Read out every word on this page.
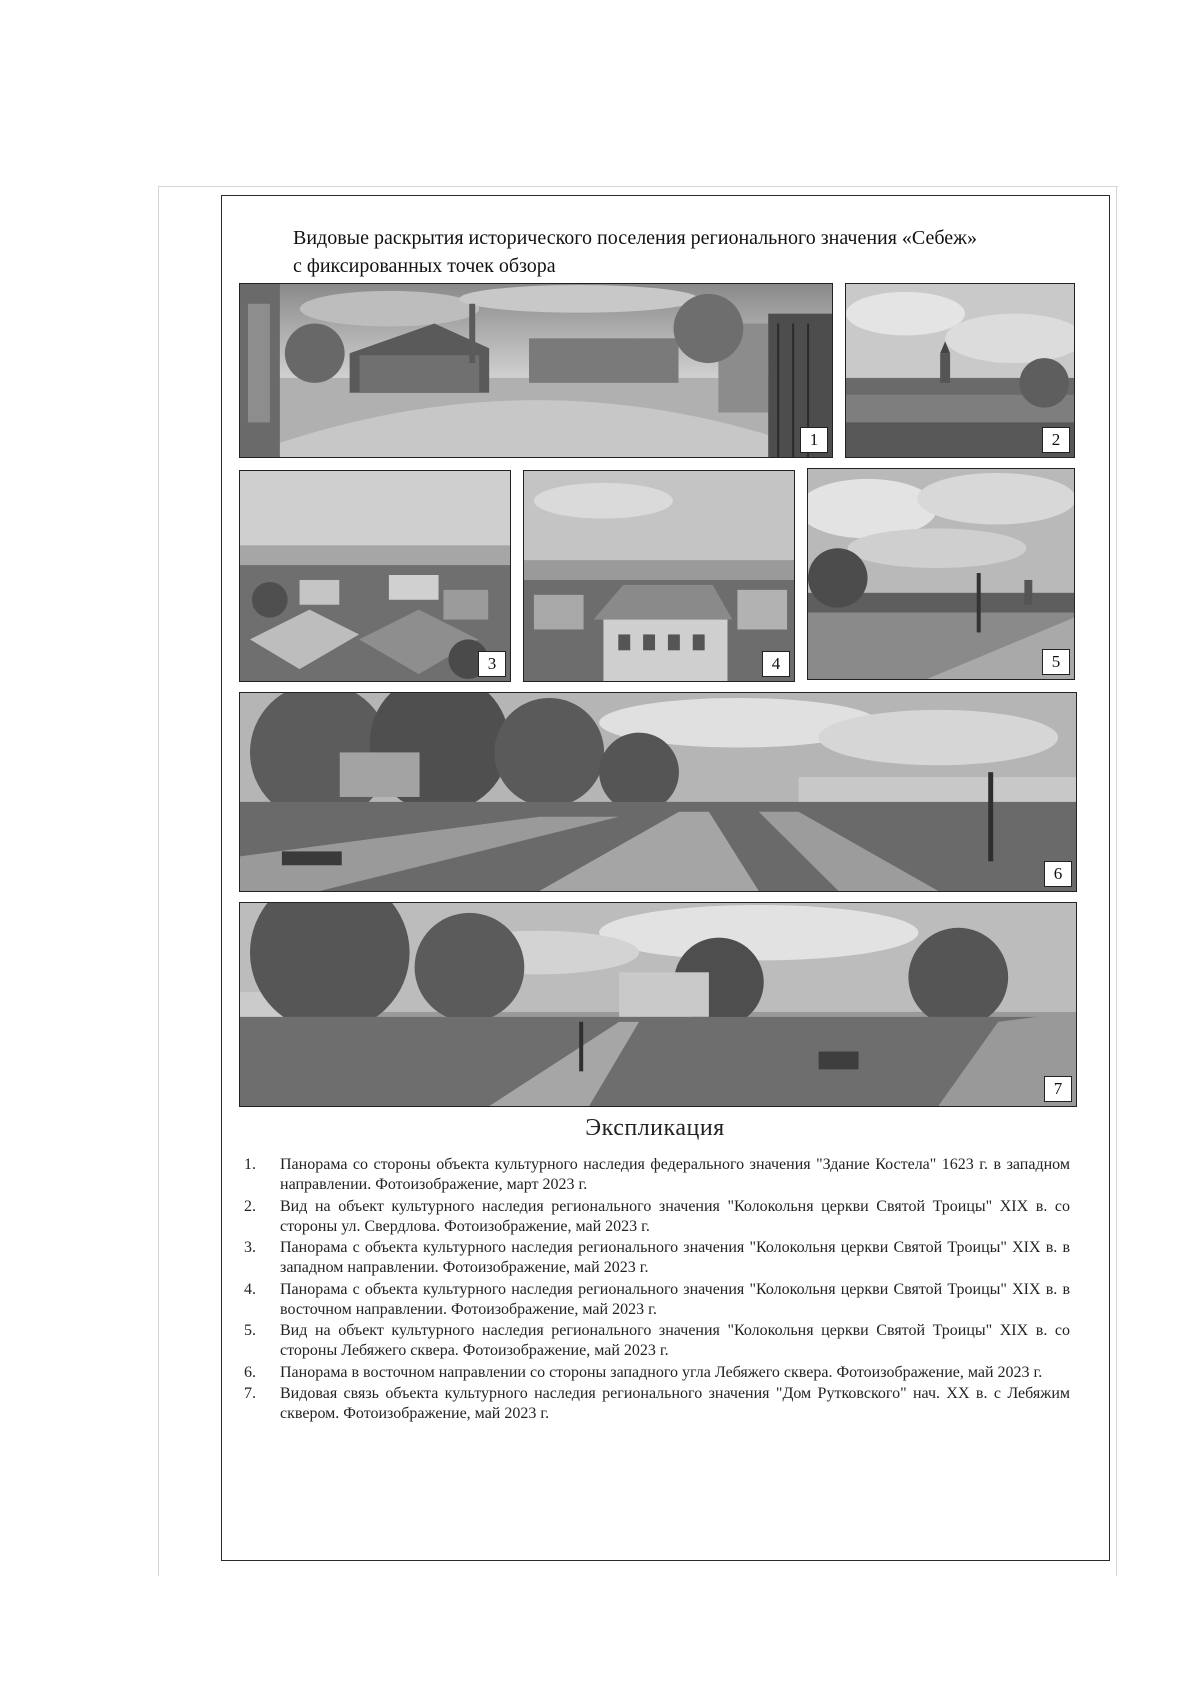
Видовые раскрытия исторического поселения регионального значения «Себеж»
с фиксированных точек обзора
1	2
3	4	5
6
7
Экспликация
1. Панорама со стороны объекта культурного наследия федерального значения "Здание Костела" 1623 г. в западном направлении. Фотоизображение, март 2023 г.
2. Вид на объект культурного наследия регионального значения "Колокольня церкви Святой Троицы" XIX в. со стороны ул. Свердлова. Фотоизображение, май 2023 г.
3. Панорама с объекта культурного наследия регионального значения "Колокольня церкви Святой Троицы" XIX в. в западном направлении. Фотоизображение, май 2023 г.
4. Панорама с объекта культурного наследия регионального значения "Колокольня церкви Святой Троицы" XIX в. в восточном направлении. Фотоизображение, май 2023 г.
5. Вид на объект культурного наследия регионального значения "Колокольня церкви Святой Троицы" XIX в. со стороны Лебяжего сквера. Фотоизображение, май 2023 г.
6. Панорама в восточном направлении со стороны западного угла Лебяжего сквера. Фотоизображение, май 2023 г.
7. Видовая связь объекта культурного наследия регионального значения "Дом Рутковского" нач. XX в. с Лебяжим сквером. Фотоизображение, май 2023 г.
